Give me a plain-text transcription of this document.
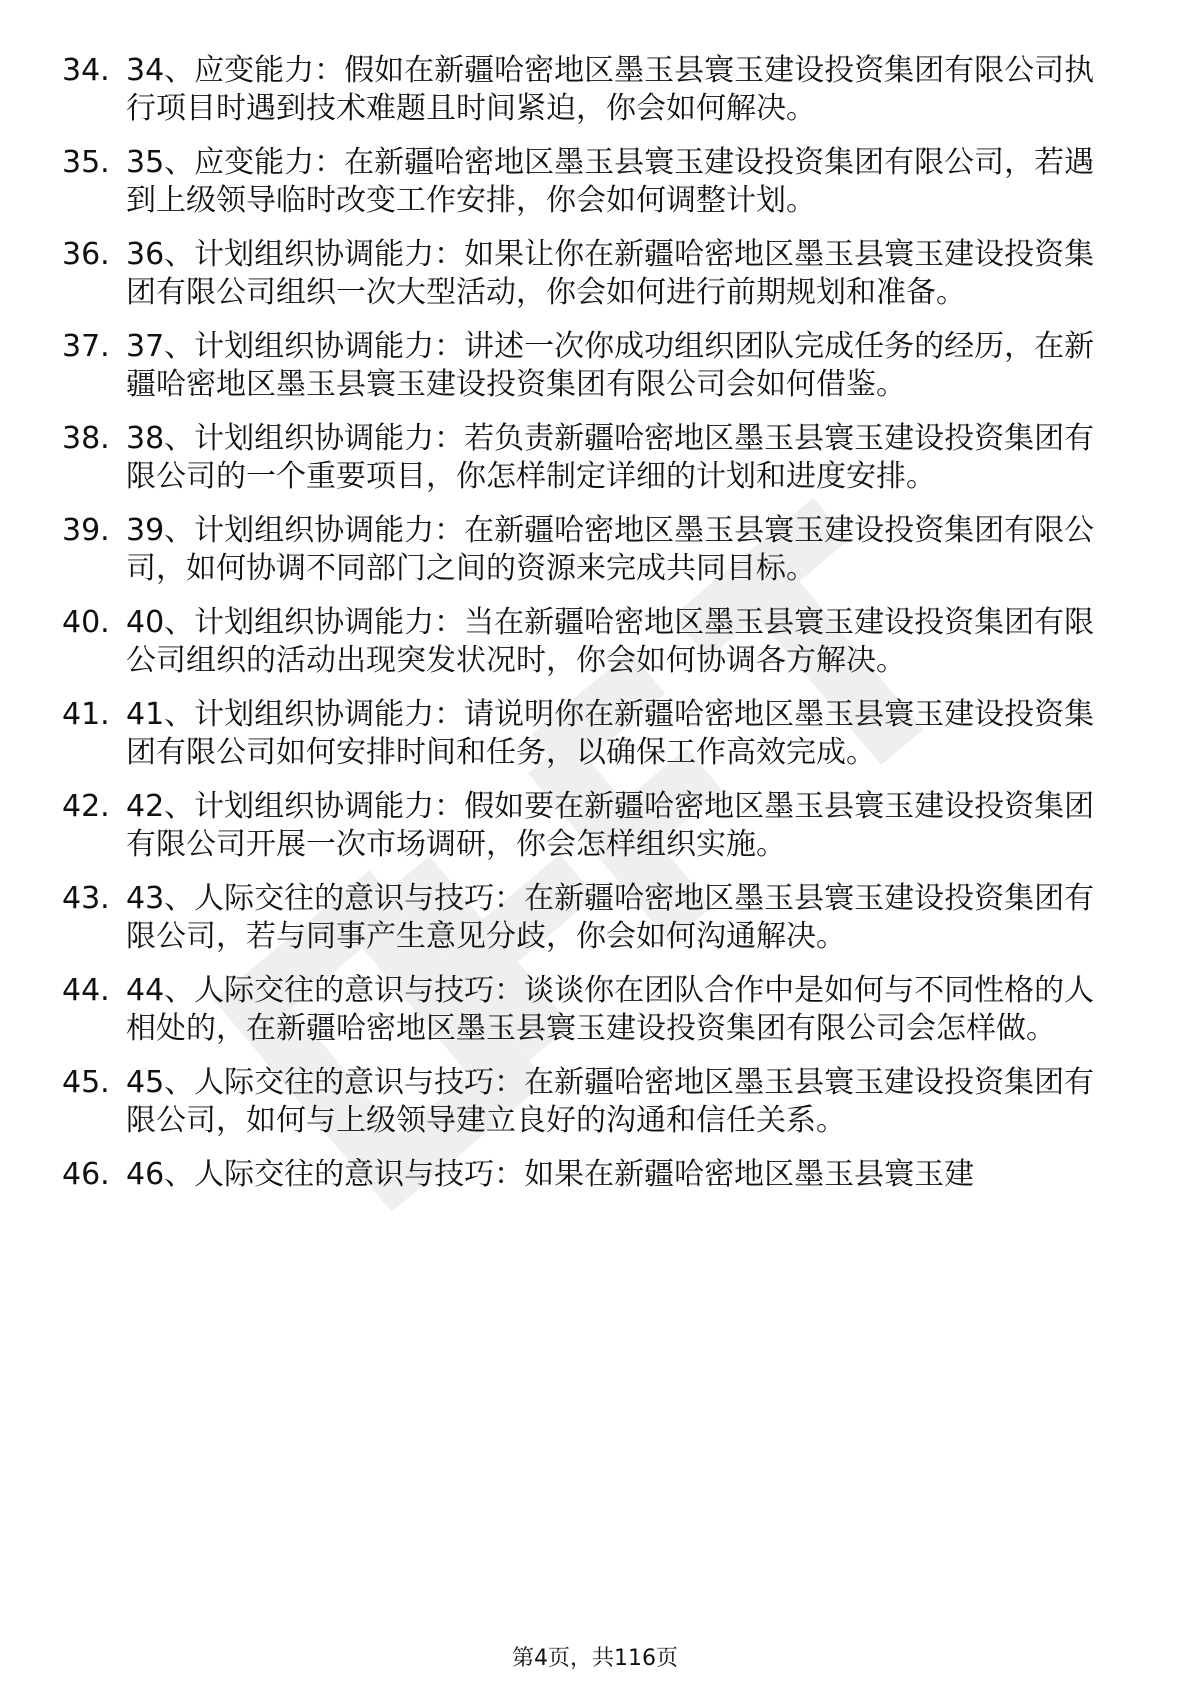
34. 34、应变能力：假如在新疆哈密地区墨玉县寰玉建设投资集团有限公司执行项目时遇到技术难题且时间紧迫，你会如何解决。
35. 35、应变能力：在新疆哈密地区墨玉县寰玉建设投资集团有限公司，若遇到上级领导临时改变工作安排，你会如何调整计划。
36. 36、计划组织协调能力：如果让你在新疆哈密地区墨玉县寰玉建设投资集团有限公司组织一次大型活动，你会如何进行前期规划和准备。
37. 37、计划组织协调能力：讲述一次你成功组织团队完成任务的经历，在新疆哈密地区墨玉县寰玉建设投资集团有限公司会如何借鉴。
38. 38、计划组织协调能力：若负责新疆哈密地区墨玉县寰玉建设投资集团有限公司的一个重要项目，你怎样制定详细的计划和进度安排。
39. 39、计划组织协调能力：在新疆哈密地区墨玉县寰玉建设投资集团有限公司，如何协调不同部门之间的资源来完成共同目标。
40. 40、计划组织协调能力：当在新疆哈密地区墨玉县寰玉建设投资集团有限公司组织的活动出现突发状况时，你会如何协调各方解决。
41. 41、计划组织协调能力：请说明你在新疆哈密地区墨玉县寰玉建设投资集团有限公司如何安排时间和任务，以确保工作高效完成。
42. 42、计划组织协调能力：假如要在新疆哈密地区墨玉县寰玉建设投资集团有限公司开展一次市场调研，你会怎样组织实施。
43. 43、人际交往的意识与技巧：在新疆哈密地区墨玉县寰玉建设投资集团有限公司，若与同事产生意见分歧，你会如何沟通解决。
44. 44、人际交往的意识与技巧：谈谈你在团队合作中是如何与不同性格的人相处的，在新疆哈密地区墨玉县寰玉建设投资集团有限公司会怎样做。
45. 45、人际交往的意识与技巧：在新疆哈密地区墨玉县寰玉建设投资集团有限公司，如何与上级领导建立良好的沟通和信任关系。
46. 46、人际交往的意识与技巧：如果在新疆哈密地区墨玉县寰玉建
第4页，共116页
